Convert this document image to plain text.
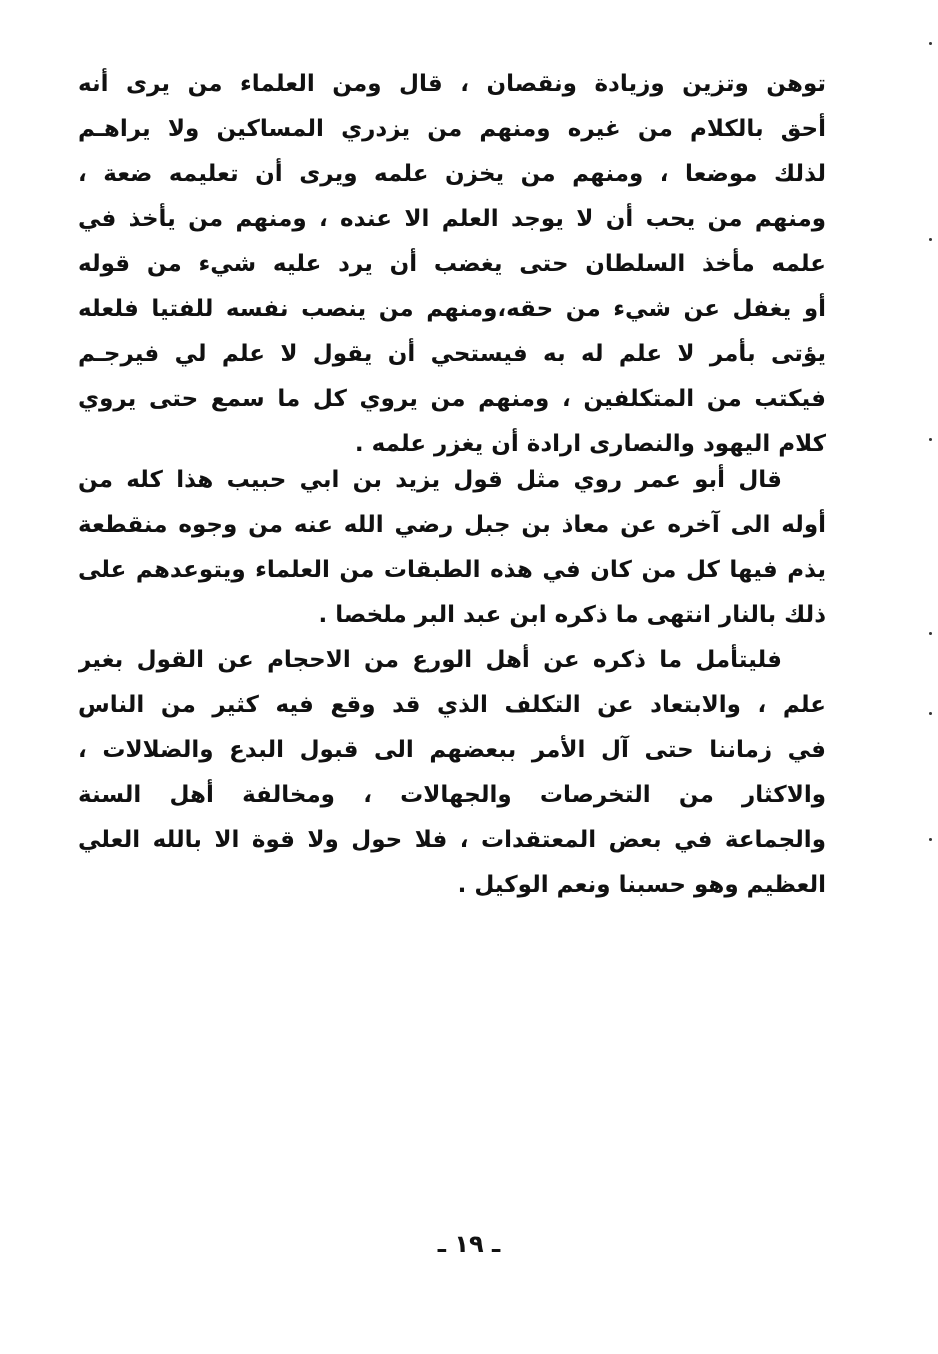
توهن وتزين وزيادة ونقصان ، قال ومن العلماء من يرى أنه
أحق بالكلام من غيره ومنهم من يزدري المساكين ولا يراهـم
لذلك موضعا ، ومنهم من يخزن علمه ويرى أن تعليمه ضعة ،
ومنهم من يحب أن لا يوجد العلم الا عنده ، ومنهم من يأخذ في
علمه مأخذ السلطان حتى يغضب أن يرد عليه شيء من قوله
أو يغفل عن شيء من حقه،ومنهم من ينصب نفسه للفتيا فلعله
يؤتى بأمر لا علم له به فيستحي أن يقول لا علم لي فيرجـم
فيكتب من المتكلفين ، ومنهم من يروي كل ما سمع حتى يروي
كلام اليهود والنصارى ارادة أن يغزر علمه .
قال أبو عمر روي مثل قول يزيد بن ابي حبيب هذا كله من
أوله الى آخره عن معاذ بن جبل رضي الله عنه من وجوه منقطعة
يذم فيها كل من كان في هذه الطبقات من العلماء ويتوعدهم على
ذلك بالنار انتهى ما ذكره ابن عبد البر ملخصا .
فليتأمل ما ذكره عن أهل الورع من الاحجام عن القول بغير
علم ، والابتعاد عن التكلف الذي قد وقع فيه كثير من الناس
في زماننا حتى آل الأمر ببعضهم الى قبول البدع والضلالات ،
والاكثار من التخرصات والجهالات ، ومخالفة أهل السنة
والجماعة في بعض المعتقدات ، فلا حول ولا قوة الا بالله العلي
العظيم وهو حسبنا ونعم الوكيل .
ـ ١٩ ـ
